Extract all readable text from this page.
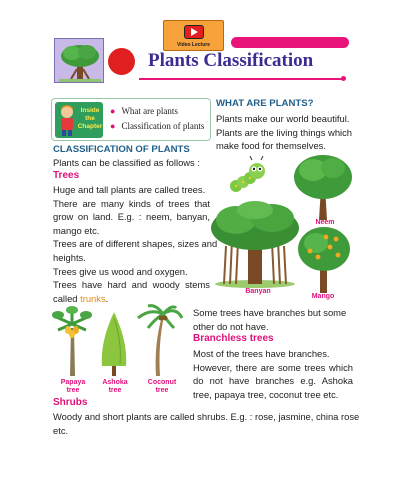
Video Lecture
Plants Classification
Inside
the
Chapter
● What are plants
● Classification of plants
WHAT ARE PLANTS?
Plants make our world beautiful.
Plants are the living things which
make food for themselves.
CLASSIFICATION OF PLANTS
Plants can be classified as follows :
Trees
Huge and tall plants are called trees.
There are many kinds of trees that
grow on land. E.g. : neem, banyan,
mango etc.
Trees are of different shapes, sizes and
heights.
Trees give us wood and oxygen.
Trees have hard and woody stems
called trunks.
Neem
Banyan
Mango
Papaya
tree
Ashoka
tree
Coconut
tree
Some trees have branches but some
other do not have.
Branchless trees
Most of the trees have branches.
However, there are some trees which
do not have branches e.g. Ashoka
tree, papaya tree, coconut tree etc.
Shrubs
Woody and short plants are called shrubs. E.g. : rose, jasmine, china rose
etc.
